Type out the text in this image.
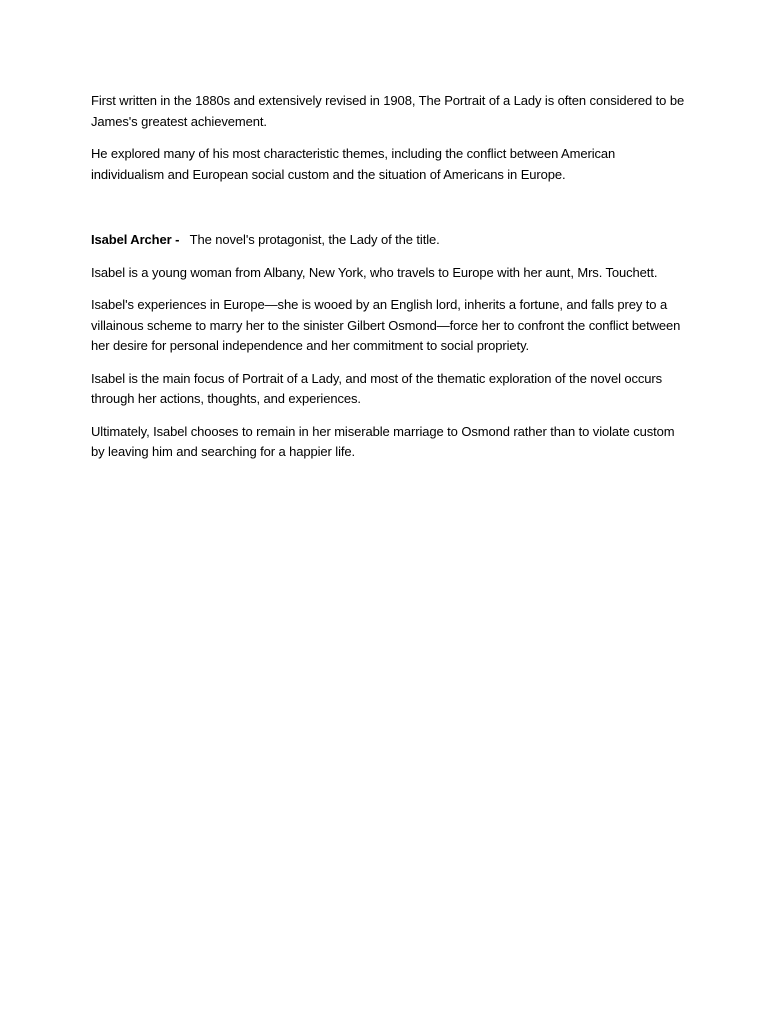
First written in the 1880s and extensively revised in 1908, The Portrait of a Lady is often considered to be James's greatest achievement.

He explored many of his most characteristic themes, including the conflict between American individualism and European social custom and the situation of Americans in Europe.

Isabel Archer - The novel's protagonist, the Lady of the title.

Isabel is a young woman from Albany, New York, who travels to Europe with her aunt, Mrs. Touchett.

Isabel's experiences in Europe—she is wooed by an English lord, inherits a fortune, and falls prey to a villainous scheme to marry her to the sinister Gilbert Osmond—force her to confront the conflict between her desire for personal independence and her commitment to social propriety.

Isabel is the main focus of Portrait of a Lady, and most of the thematic exploration of the novel occurs through her actions, thoughts, and experiences.

Ultimately, Isabel chooses to remain in her miserable marriage to Osmond rather than to violate custom by leaving him and searching for a happier life.
